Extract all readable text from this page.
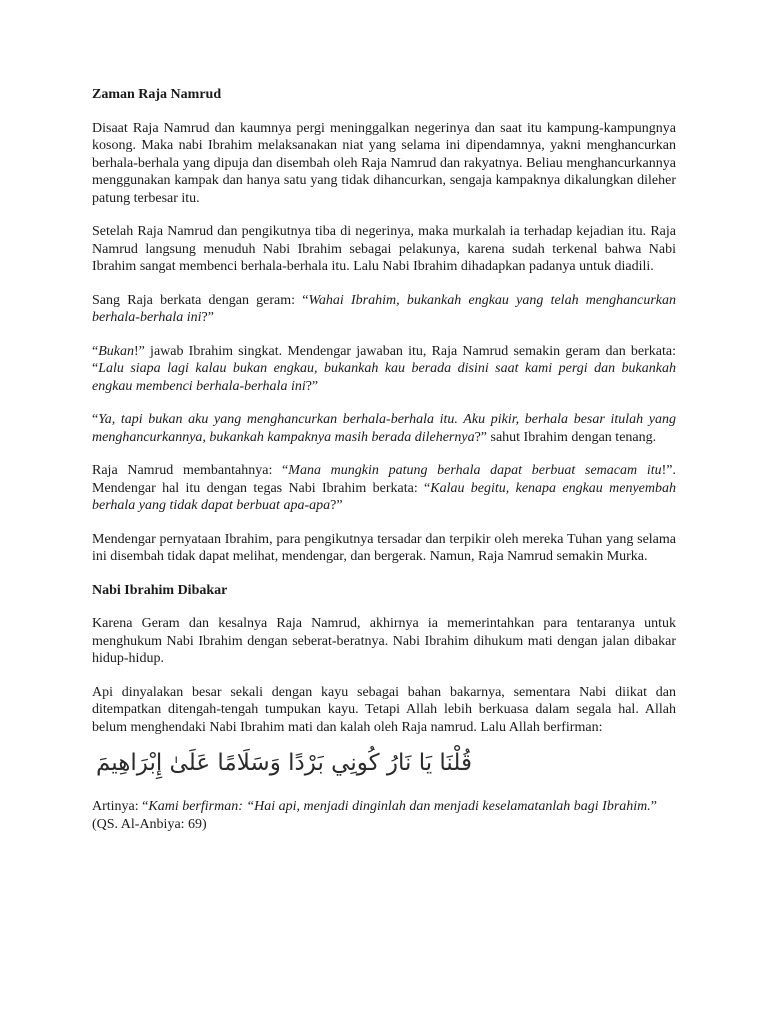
Zaman Raja Namrud

Disaat Raja Namrud dan kaumnya pergi meninggalkan negerinya dan saat itu kampung-kampungnya kosong. Maka nabi Ibrahim melaksanakan niat yang selama ini dipendamnya, yakni menghancurkan berhala-berhala yang dipuja dan disembah oleh Raja Namrud dan rakyatnya. Beliau menghancurkannya menggunakan kampak dan hanya satu yang tidak dihancurkan, sengaja kampaknya dikalungkan dileher patung terbesar itu.

Setelah Raja Namrud dan pengikutnya tiba di negerinya, maka murkalah ia terhadap kejadian itu. Raja Namrud langsung menuduh Nabi Ibrahim sebagai pelakunya, karena sudah terkenal bahwa Nabi Ibrahim sangat membenci berhala-berhala itu. Lalu Nabi Ibrahim dihadapkan padanya untuk diadili.

Sang Raja berkata dengan geram: “Wahai Ibrahim, bukankah engkau yang telah menghancurkan berhala-berhala ini?”

“Bukan!” jawab Ibrahim singkat. Mendengar jawaban itu, Raja Namrud semakin geram dan berkata: “Lalu siapa lagi kalau bukan engkau, bukankah kau berada disini saat kami pergi dan bukankah engkau membenci berhala-berhala ini?”

“Ya, tapi bukan aku yang menghancurkan berhala-berhala itu. Aku pikir, berhala besar itulah yang menghancurkannya, bukankah kampaknya masih berada dilehernya?” sahut Ibrahim dengan tenang.

Raja Namrud membantahnya: “Mana mungkin patung berhala dapat berbuat semacam itu!”. Mendengar hal itu dengan tegas Nabi Ibrahim berkata: “Kalau begitu, kenapa engkau menyembah berhala yang tidak dapat berbuat apa-apa?”

Mendengar pernyataan Ibrahim, para pengikutnya tersadar dan terpikir oleh mereka Tuhan yang selama ini disembah tidak dapat melihat, mendengar, dan bergerak. Namun, Raja Namrud semakin Murka.

Nabi Ibrahim Dibakar

Karena Geram dan kesalnya Raja Namrud, akhirnya ia memerintahkan para tentaranya untuk menghukum Nabi Ibrahim dengan seberat-beratnya. Nabi Ibrahim dihukum mati dengan jalan dibakar hidup-hidup.

Api dinyalakan besar sekali dengan kayu sebagai bahan bakarnya, sementara Nabi diikat dan ditempatkan ditengah-tengah tumpukan kayu. Tetapi Allah lebih berkuasa dalam segala hal. Allah belum menghendaki Nabi Ibrahim mati dan kalah oleh Raja namrud. Lalu Allah berfirman:

قُلْنَا يَا نَارُ كُونِي بَرْدًا وَسَلَامًا عَلَىٰ إِبْرَاهِيمَ

Artinya: “Kami berfirman: “Hai api, menjadi dinginlah dan menjadi keselamatanlah bagi Ibrahim.” (QS. Al-Anbiya: 69)
